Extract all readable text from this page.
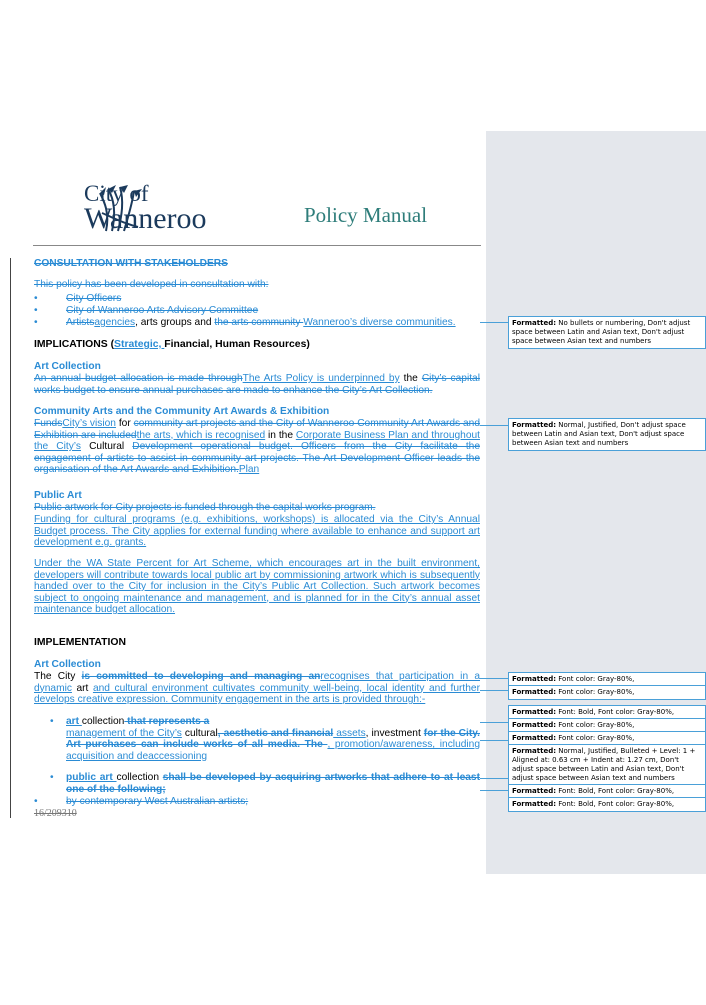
City of
Wanneroo	Policy Manual
CONSULTATION WITH STAKEHOLDERS
This policy has been developed in consultation with:
•	City Officers
•	City of Wanneroo Arts Advisory Committee
•	Artistsagencies, arts groups and the arts community Wanneroo’s diverse communities.
IMPLICATIONS (Strategic, Financial, Human Resources)
Art Collection
An annual budget allocation is made throughThe Arts Policy is underpinned by the City’s capital works budget to ensure annual purchases are made to enhance the City’s Art Collection.
Community Arts and the Community Art Awards & Exhibition
FundsCity’s vision for community art projects and the City of Wanneroo Community Art Awards and Exhibition are includedthe arts, which is recognised in the Corporate Business Plan and throughout the City’s Cultural Development operational budget. Officers from the City facilitate the engagement of artists to assist in community art projects. The Art Development Officer leads the organisation of the Art Awards and Exhibition.Plan
Public Art
Public artwork for City projects is funded through the capital works program.
Funding for cultural programs (e.g. exhibitions, workshops) is allocated via the City’s Annual Budget process. The City applies for external funding where available to enhance and support art development e.g. grants.
Under the WA State Percent for Art Scheme, which encourages art in the built environment, developers will contribute towards local public art by commissioning artwork which is subsequently handed over to the City for inclusion in the City’s Public Art Collection. Such artwork becomes subject to ongoing maintenance and management, and is planned for in the City’s annual asset maintenance budget allocation.
IMPLEMENTATION
Art Collection
The City is committed to developing and managing anrecognises that participation in a dynamic art and cultural environment cultivates community well-being, local identity and further develops creative expression. Community engagement in the arts is provided through:-
• art collection that represents a
management of the City’s cultural, aesthetic and financial assets, investment for the City. Art purchases can include works of all media. The , promotion/awareness, including acquisition and deaccessioning
• public art collection shall be developed by acquiring artworks that adhere to at least one of the following;
•	by contemporary West Australian artists;
16/209310
Formatted: No bullets or numbering, Don't adjust space between Latin and Asian text, Don't adjust space between Asian text and numbers
Formatted: Normal, Justified, Don't adjust space between Latin and Asian text, Don't adjust space between Asian text and numbers
Formatted: Font color: Gray-80%,
Formatted: Font color: Gray-80%,
Formatted: Font: Bold, Font color: Gray-80%,
Formatted: Font color: Gray-80%,
Formatted: Font color: Gray-80%,
Formatted: Normal, Justified, Bulleted + Level: 1 + Aligned at: 0.63 cm + Indent at: 1.27 cm, Don't adjust space between Latin and Asian text, Don't adjust space between Asian text and numbers
Formatted: Font: Bold, Font color: Gray-80%,
Formatted: Font: Bold, Font color: Gray-80%,
